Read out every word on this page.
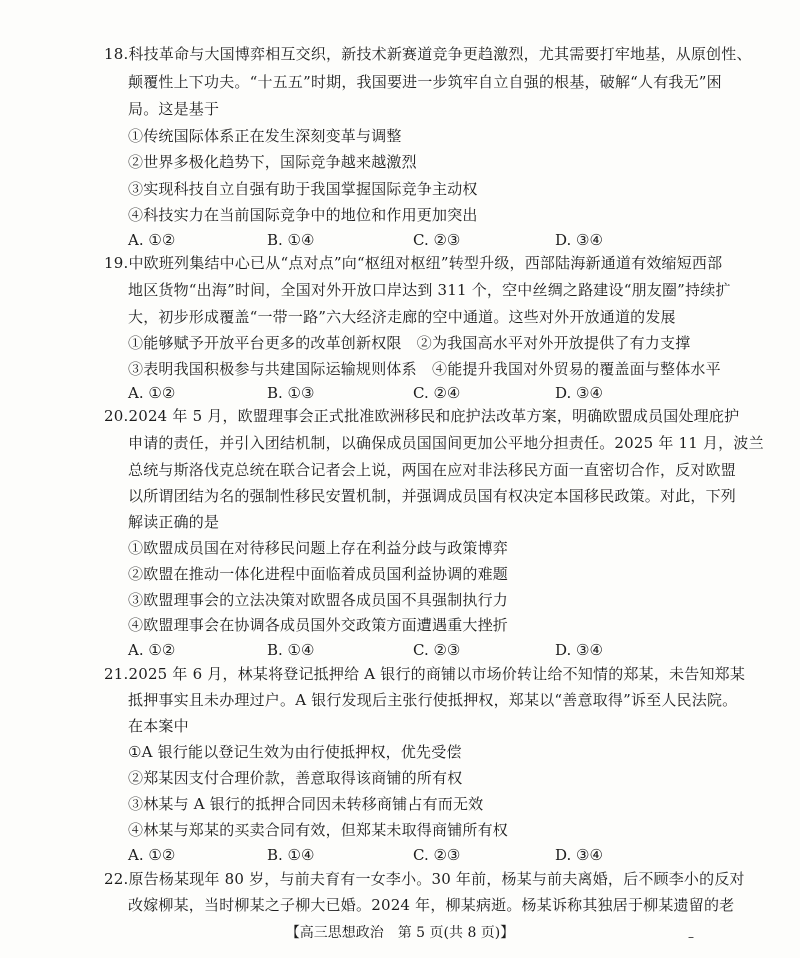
18.科技革命与大国博弈相互交织，新技术新赛道竞争更趋激烈，尤其需要打牢地基，从原创性、
颠覆性上下功夫。“十五五”时期，我国要进一步筑牢自立自强的根基，破解“人有我无”困
局。这是基于
①传统国际体系正在发生深刻变革与调整
②世界多极化趋势下，国际竞争越来越激烈
③实现科技自立自强有助于我国掌握国际竞争主动权
④科技实力在当前国际竞争中的地位和作用更加突出
A. ①②	B. ①④	C. ②③	D. ③④
19.中欧班列集结中心已从“点对点”向“枢纽对枢纽”转型升级，西部陆海新通道有效缩短西部
地区货物“出海”时间，全国对外开放口岸达到 311 个，空中丝绸之路建设“朋友圈”持续扩
大，初步形成覆盖“一带一路”六大经济走廊的空中通道。这些对外开放通道的发展
①能够赋予开放平台更多的改革创新权限　②为我国高水平对外开放提供了有力支撑
③表明我国积极参与共建国际运输规则体系　④能提升我国对外贸易的覆盖面与整体水平
A. ①②	B. ①③	C. ②④	D. ③④
20.2024 年 5 月，欧盟理事会正式批准欧洲移民和庇护法改革方案，明确欧盟成员国处理庇护
申请的责任，并引入团结机制，以确保成员国国间更加公平地分担责任。2025 年 11 月，波兰
总统与斯洛伐克总统在联合记者会上说，两国在应对非法移民方面一直密切合作，反对欧盟
以所谓团结为名的强制性移民安置机制，并强调成员国有权决定本国移民政策。对此，下列
解读正确的是
①欧盟成员国在对待移民问题上存在利益分歧与政策博弈
②欧盟在推动一体化进程中面临着成员国利益协调的难题
③欧盟理事会的立法决策对欧盟各成员国不具强制执行力
④欧盟理事会在协调各成员国外交政策方面遭遇重大挫折
A. ①②	B. ①④	C. ②③	D. ③④
21.2025 年 6 月，林某将登记抵押给 A 银行的商铺以市场价转让给不知情的郑某，未告知郑某
抵押事实且未办理过户。A 银行发现后主张行使抵押权，郑某以“善意取得”诉至人民法院。
在本案中
①A 银行能以登记生效为由行使抵押权，优先受偿
②郑某因支付合理价款，善意取得该商铺的所有权
③林某与 A 银行的抵押合同因未转移商铺占有而无效
④林某与郑某的买卖合同有效，但郑某未取得商铺所有权
A. ①②	B. ①④	C. ②③	D. ③④
22.原告杨某现年 80 岁，与前夫育有一女李小。30 年前，杨某与前夫离婚，后不顾李小的反对
改嫁柳某，当时柳某之子柳大已婚。2024 年，柳某病逝。杨某诉称其独居于柳某遗留的老
【高三思想政治　第 5 页(共 8 页)】	–
